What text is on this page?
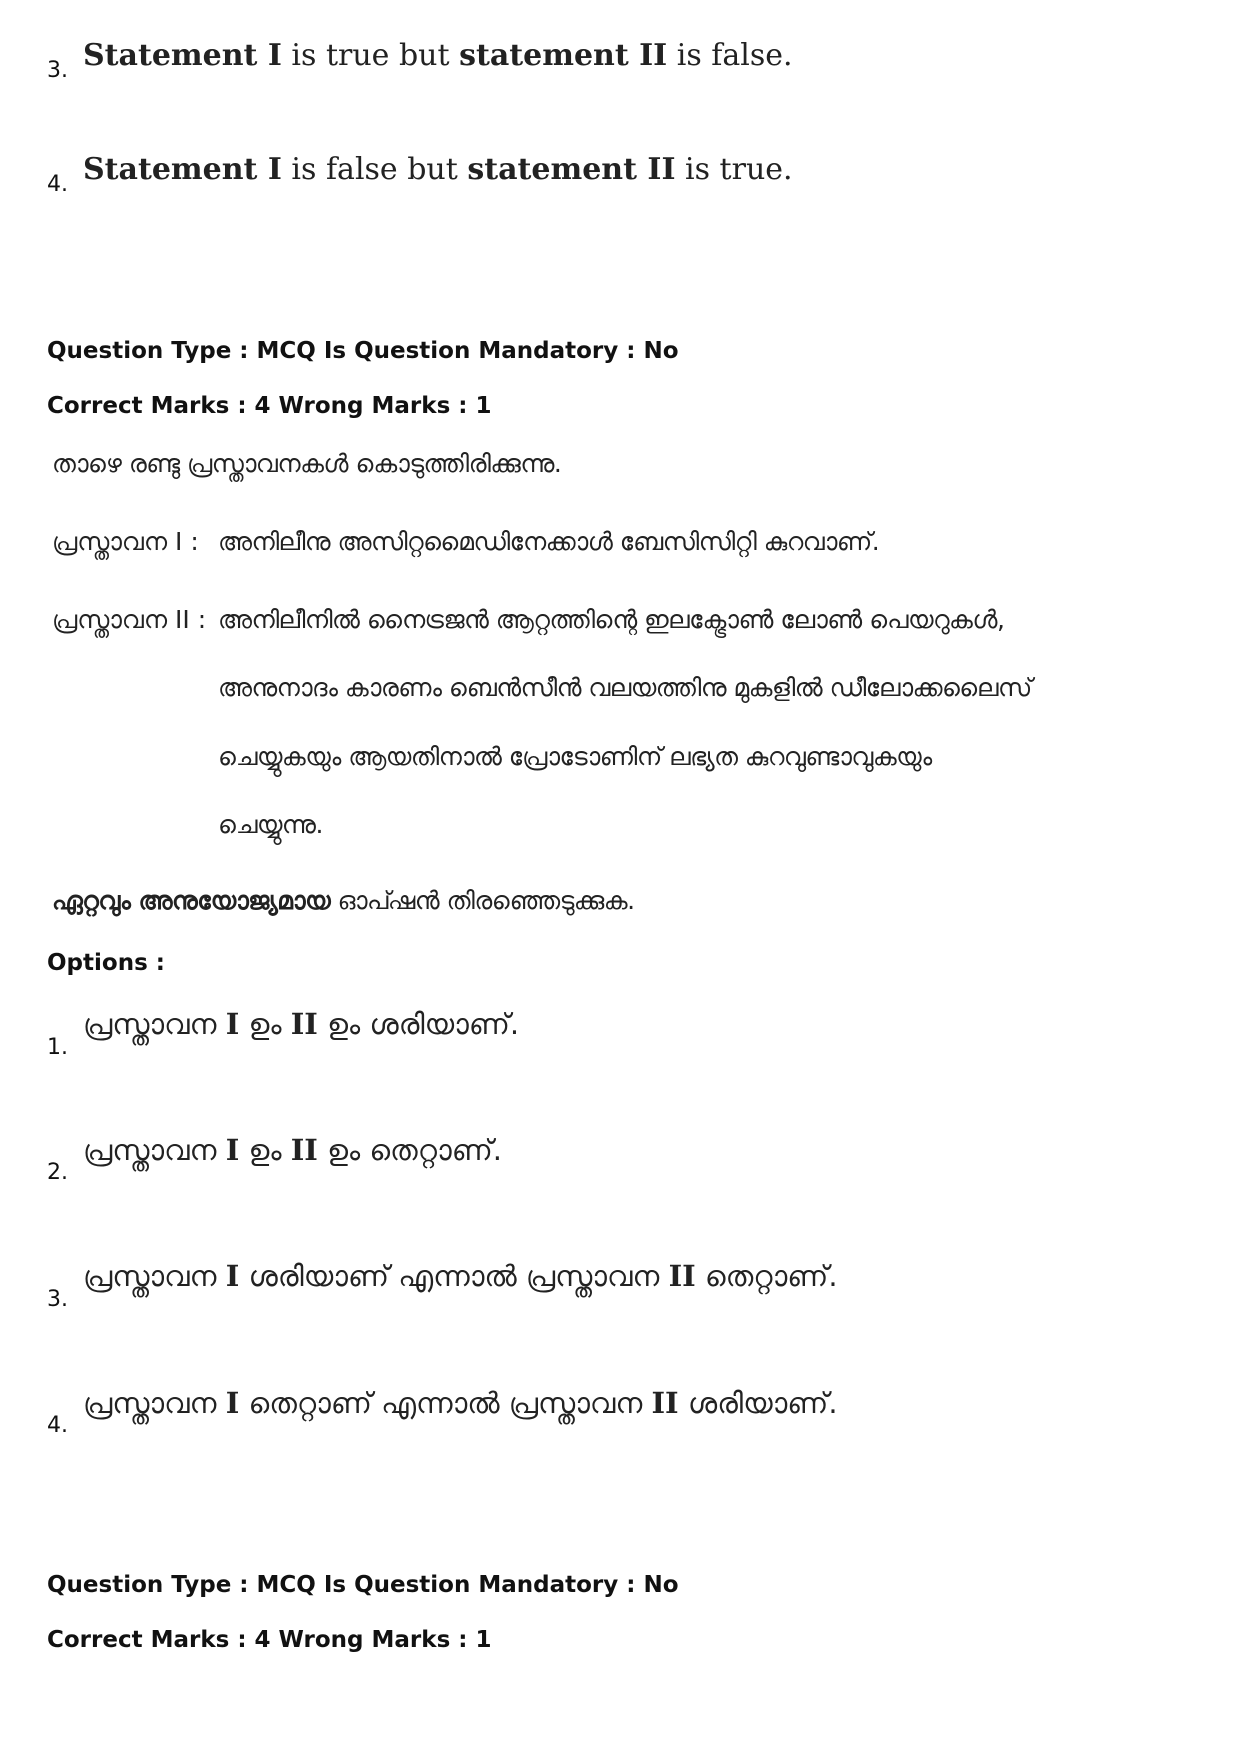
3. Statement I is true but statement II is false.
4. Statement I is false but statement II is true.
Question Type : MCQ Is Question Mandatory : No
Correct Marks : 4 Wrong Marks : 1
താഴെ രണ്ടു പ്രസ്താവനകൾ കൊടുത്തിരിക്കുന്നു.
പ്രസ്താവന I : അനിലീനു അസിറ്റമൈഡിനേക്കാൾ ബേസിസിറ്റി കുറവാണ്.
പ്രസ്താവന II : അനിലീനിൽ നൈട്രജൻ ആറ്റത്തിന്റെ ഇലക്ട്രോൺ ലോൺ പെയറുകൾ,
അനുനാദം കാരണം ബെൻസീൻ വലയത്തിനു മുകളിൽ ഡീലോക്കലൈസ്
ചെയ്യുകയും ആയതിനാൽ പ്രോടോണിന് ലഭ്യത കുറവുണ്ടാവുകയും
ചെയ്യുന്നു.
ഏറ്റവും അനുയോജ്യമായ ഓപ്ഷൻ തിരഞ്ഞെടുക്കുക.
Options :
1.
പ്രസ്താവന I ഉം II ഉം ശരിയാണ്.
2.
പ്രസ്താവന I ഉം II ഉം തെറ്റാണ്.
3.
പ്രസ്താവന I ശരിയാണ് എന്നാൽ പ്രസ്താവന II തെറ്റാണ്.
4.
പ്രസ്താവന I തെറ്റാണ് എന്നാൽ പ്രസ്താവന II ശരിയാണ്.
Question Type : MCQ Is Question Mandatory : No
Correct Marks : 4 Wrong Marks : 1
